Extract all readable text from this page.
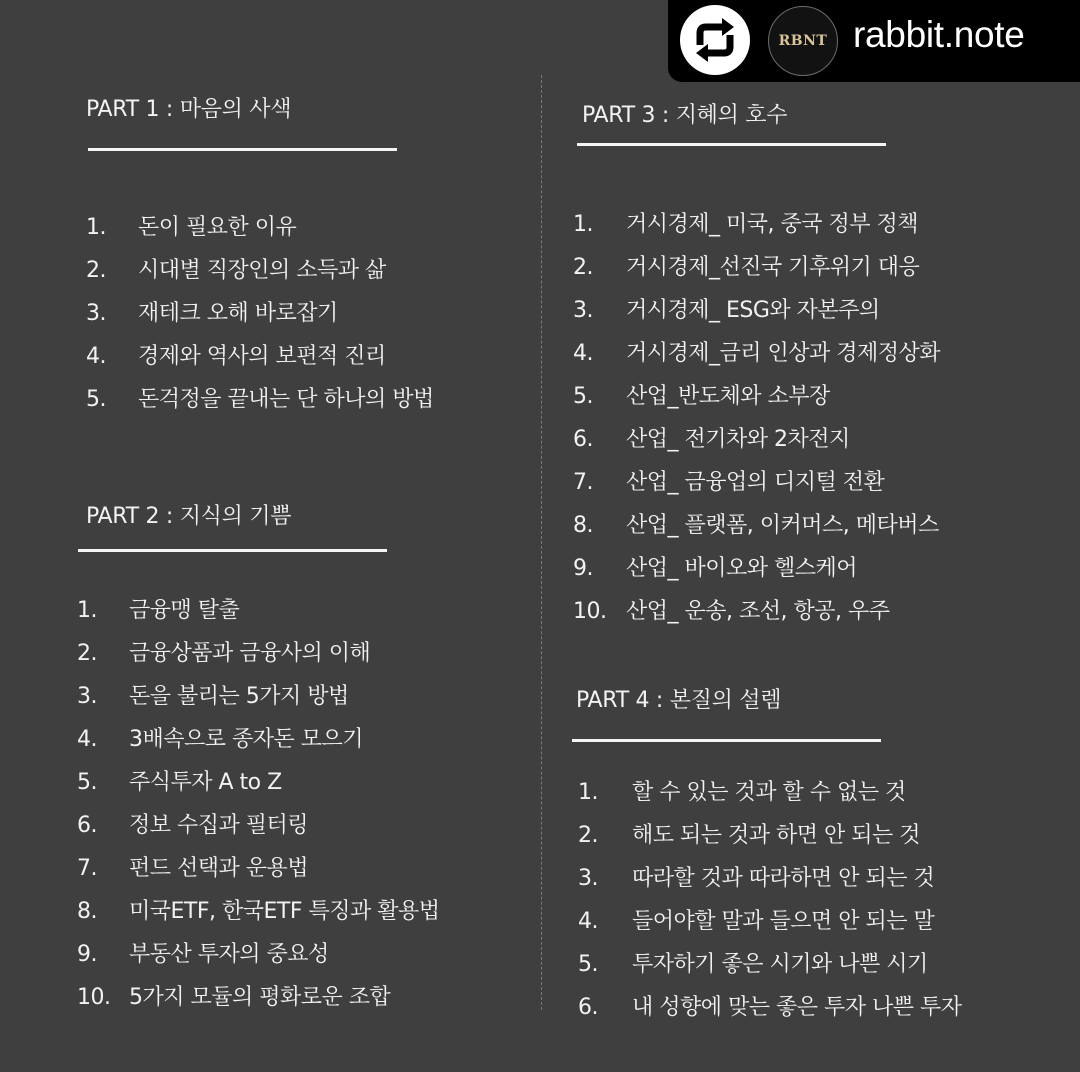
PART 1 : 마음의 사색
1. 돈이 필요한 이유
2. 시대별 직장인의 소득과 삶
3. 재테크 오해 바로잡기
4. 경제와 역사의 보편적 진리
5. 돈걱정을 끝내는 단 하나의 방법
PART 2 : 지식의 기쁨
1. 금융맹 탈출
2. 금융상품과 금융사의 이해
3. 돈을 불리는 5가지 방법
4. 3배속으로 종자돈 모으기
5. 주식투자 A to Z
6. 정보 수집과 필터링
7. 펀드 선택과 운용법
8. 미국ETF, 한국ETF 특징과 활용법
9. 부동산 투자의 중요성
10. 5가지 모듈의 평화로운 조합
PART 3 : 지혜의 호수
1. 거시경제_ 미국, 중국 정부 정책
2. 거시경제_선진국 기후위기 대응
3. 거시경제_ ESG와 자본주의
4. 거시경제_금리 인상과 경제정상화
5. 산업_반도체와 소부장
6. 산업_ 전기차와 2차전지
7. 산업_ 금융업의 디지털 전환
8. 산업_ 플랫폼, 이커머스, 메타버스
9. 산업_ 바이오와 헬스케어
10. 산업_ 운송, 조선, 항공, 우주
PART 4 : 본질의 설렘
1. 할 수 있는 것과 할 수 없는 것
2. 해도 되는 것과 하면 안 되는 것
3. 따라할 것과 따라하면 안 되는 것
4. 들어야할 말과 들으면 안 되는 말
5. 투자하기 좋은 시기와 나쁜 시기
6. 내 성향에 맞는 좋은 투자 나쁜 투자
RBNT rabbit.note
